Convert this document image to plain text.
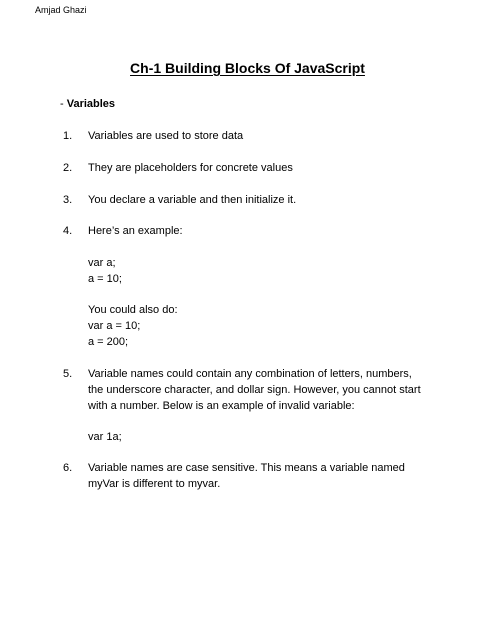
Amjad Ghazi
Ch-1 Building Blocks Of JavaScript
- Variables
1. Variables are used to store data
2. They are placeholders for concrete values
3. You declare a variable and then initialize it.
4. Here’s an example:
var a;
a = 10;
You could also do:
var a = 10;
a = 200;
5. Variable names could contain any combination of letters, numbers,
the underscore character, and dollar sign. However, you cannot start
with a number. Below is an example of invalid variable:
var 1a;
6. Variable names are case sensitive. This means a variable named
myVar is different to myvar.
